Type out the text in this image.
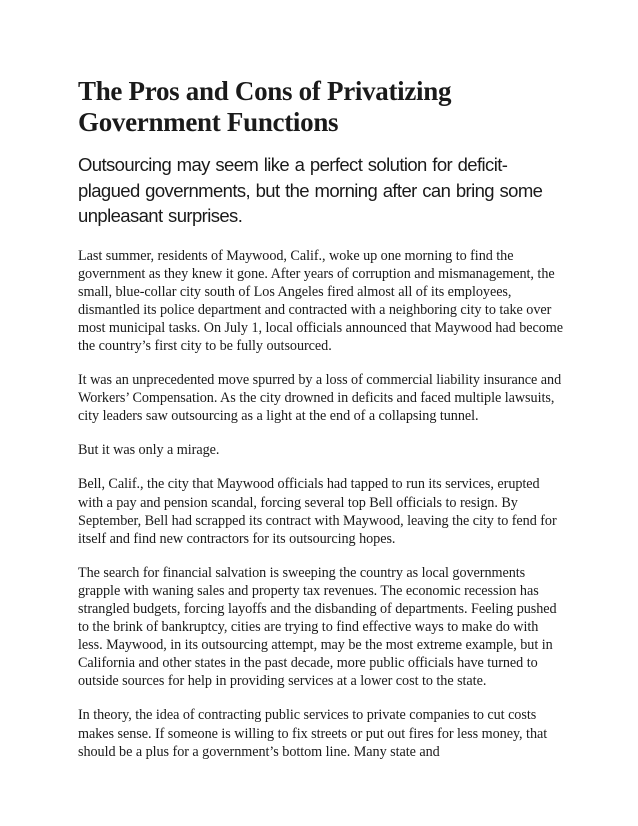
The Pros and Cons of Privatizing Government Functions

Outsourcing may seem like a perfect solution for deficit-plagued governments, but the morning after can bring some unpleasant surprises.

Last summer, residents of Maywood, Calif., woke up one morning to find the government as they knew it gone. After years of corruption and mismanagement, the small, blue-collar city south of Los Angeles fired almost all of its employees, dismantled its police department and contracted with a neighboring city to take over most municipal tasks. On July 1, local officials announced that Maywood had become the country’s first city to be fully outsourced.

It was an unprecedented move spurred by a loss of commercial liability insurance and Workers’ Compensation. As the city drowned in deficits and faced multiple lawsuits, city leaders saw outsourcing as a light at the end of a collapsing tunnel.

But it was only a mirage.

Bell, Calif., the city that Maywood officials had tapped to run its services, erupted with a pay and pension scandal, forcing several top Bell officials to resign. By September, Bell had scrapped its contract with Maywood, leaving the city to fend for itself and find new contractors for its outsourcing hopes.

The search for financial salvation is sweeping the country as local governments grapple with waning sales and property tax revenues. The economic recession has strangled budgets, forcing layoffs and the disbanding of departments. Feeling pushed to the brink of bankruptcy, cities are trying to find effective ways to make do with less. Maywood, in its outsourcing attempt, may be the most extreme example, but in California and other states in the past decade, more public officials have turned to outside sources for help in providing services at a lower cost to the state.

In theory, the idea of contracting public services to private companies to cut costs makes sense. If someone is willing to fix streets or put out fires for less money, that should be a plus for a government’s bottom line. Many state and
